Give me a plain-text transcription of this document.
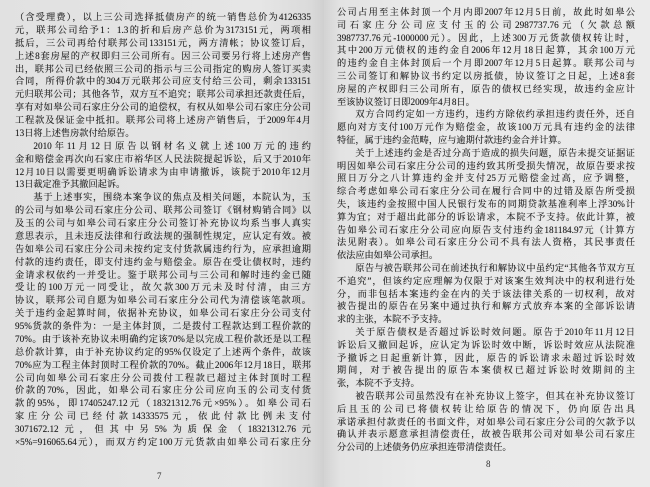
（含受理费），以上三公司选择抵债房产的统一销售总价为4126335
元，联邦公司给予1：1.3的折和后房产总价为3173151元，两项相
抵后，三公司再给付联邦公司133151元，两方清帐；协议签订后，
上述8套房屋的产权即归三公司所有。因三公司要另行将上述房产售
出，联邦公司已经依照三公司的指示与三公司指定的购房人签订买卖
合同，所得价款中的304万元联邦公司应支付给三公司，剩余133151
元归联邦公司；其他各节，双方互不追究；联邦公司承担还款责任后，
享有对如皋公司石家庄分公司的追偿权，有权从如皋公司石家庄分公司
工程款及保证金中抵扣。联邦公司将上述房产销售后，于2009年4月
13日将上述售房款付给原告。
2010年11月12日原告以钢材名义就上述100万元的违约
金和赔偿金再次向石家庄市裕华区人民法院提起诉讼，后又于2010年
12月10日以需要更明确诉讼请求为由申请撤诉，该院于2010年12月
13日裁定准予其撤回起诉。
基于上述事实，围绕本案争议的焦点及相关问题，本院认为，玉
的公司与如皋公司石家庄分公司、联邦公司签订《钢材购销合同》以
及玉的公司与如皋公司石家庄分公司签订补充协议均系当事人真实
意思表示，且未违反法律和行政法规的强制性规定，应认定有效。被
告如皋公司石家庄分公司未按约定支付货款属违约行为，应承担逾期
付款的违约责任，即支付违约金与赔偿金。原告在受让债权时，违约
金请求权依约一并受让。鉴于联邦公司与三公司和解时违约金已随
受让的100万元一同受让，故欠款300万元未及时付清，由三方
协议，联邦公司自愿为如皋公司石家庄分公司代为清偿该笔款项。
关于违约金起算时间，依据补充协议，如皋公司石家庄分公司支付
95%货款的条件为：一是主体封顶，二是拨付工程款达到工程价款的
70%。由于该补充协议未明确约定该70%是以完成工程价款还是以工程
总价款计算，由于补充协议约定的95%仅设定了上述两个条件，故该
70%应为工程主体封顶时工程价款的70%。截止2006年12月18日，联邦
公司向如皋公司石家庄分公司拨付工程款已超过主体封顶时工程
价款的70%，因此，如皋公司石家庄分公司应向玉的公司支付货
款的95%，即17405247.12元（18321312.76元×95%）。如皋公司石
家庄分公司已经付款14333575元，依此付款比例未支付
3071672.12元，但其中另5%为质保金（18321312.76元
×5%=916065.64元），而双方约定100万元货款由如皋公司石家庄分
7
公司占用至主体封顶一个月内即2007年12月5日前，故此时如皋公
司石家庄分公司应支付玉的公司2987737.76元（欠款总额
3987737.76元-1000000元）。因此，上述300万元货款债权转让时，
其中200万元债权的违约金自2006年12月18日起算，其余100万元
的违约金自主体封顶后一个月即2007年12月5日起算。联邦公司与
三公司签订和解协议书约定以房抵债，协议签订之日起，上述8套
房屋的产权即归三公司所有，原告的债权已经实现，故违约金应计
至该协议签订日即2009年4月8日。
双方合同约定如一方违约，违约方除依约承担违约责任外，还自
愿向对方支付100万元作为赔偿金，故该100万元具有违约金的法律
特征，属于违约金范畴，应与逾期付款违约金合并计算。
关于上述违约金是否过分高于造成的损失问题，原告未提交证据证
明因如皋公司石家庄分公司的违约致其所受损失情况，故原告要求按
照日万分之八计算违约金并支付25万元赔偿金过高，应予调整，
综合考虑如皋公司石家庄分公司在履行合同中的过错及原告所受损
失，该违约金按照中国人民银行发布的同期贷款基准利率上浮30%计
算为宜；对于超出此部分的诉讼请求，本院不予支持。依此计算，被
告如皋公司石家庄分公司应向原告支付违约金181184.97元（计算方
法见附表）。如皋公司石家庄分公司不具有法人资格，其民事责任
依法应由如皋公司承担。
原告与被告联邦公司在前述执行和解协议中虽约定“其他各节双方互
不追究”，但该约定应理解为仅限于对该案生效判决中的权利进行处
分，而非包括本案违约金在内的关于该法律关系的一切权利，故对
被告提出的原告在另案中通过执行和解方式放弃本案的全部诉讼请
求的主张，本院不予支持。
关于原告债权是否超过诉讼时效问题。原告于2010年11月12日
诉讼后又撤回起诉，应认定为诉讼时效中断，诉讼时效应从法院准
予撤诉之日起重新计算，因此，原告的诉讼请求未超过诉讼时效
期间，对于被告提出的原告本案债权已超过诉讼时效期间的主
张，本院不予支持。
被告联邦公司虽然没有在补充协议上签字，但其在补充协议签订
后且玉的公司已将债权转让给原告的情况下，仍向原告出具
承诺承担付款责任的书面文件，对如皋公司石家庄分公司的欠款予以
确认并表示愿意承担清偿责任，故被告联邦公司对如皋公司石家庄
分公司的上述债务仍应承担连带清偿责任。
8
